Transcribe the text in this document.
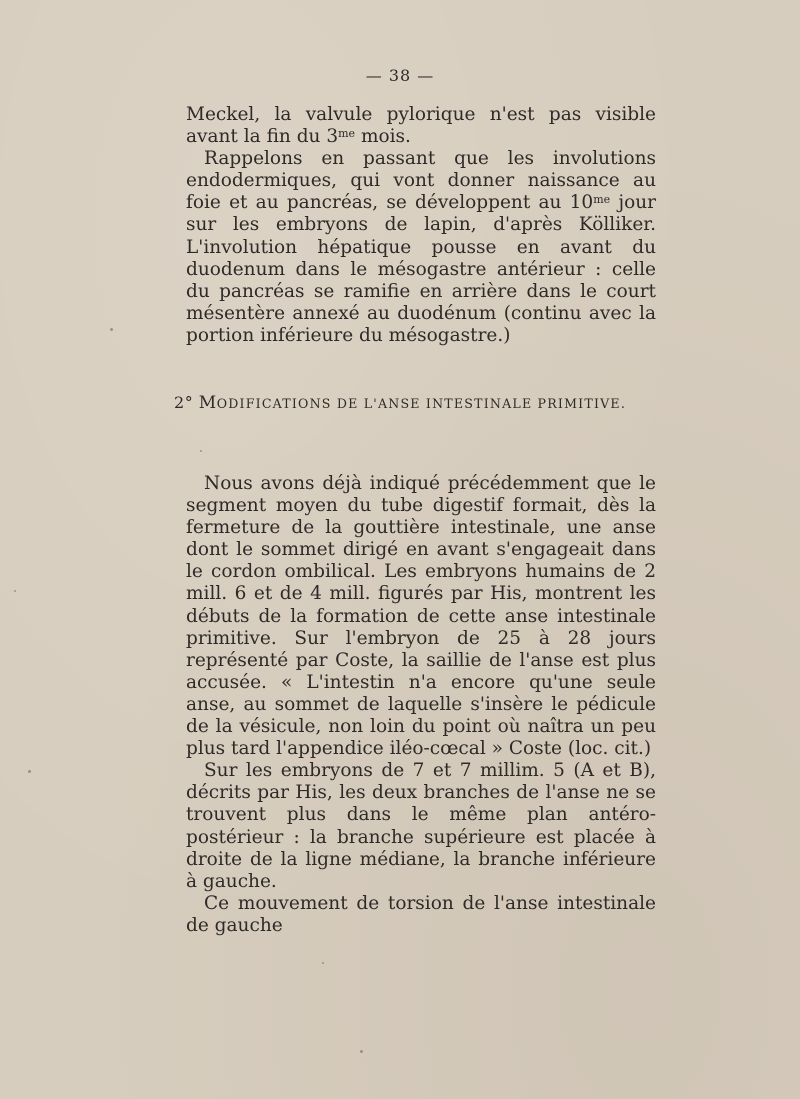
— 38 —

Meckel, la valvule pylorique n'est pas visible avant la fin du $3^{me}$ mois.

Rappelons en passant que les involutions endodermiques, qui vont donner naissance au foie et au pancréas, se développent au $10^{me}$ jour sur les embryons de lapin, d'après Kölliker. L'involution hépatique pousse en avant du duodenum dans le mésogastre antérieur : celle du pancréas se ramifie en arrière dans le court mésentère annexé au duodénum (continu avec la portion inférieure du mésogastre.)

2° MODIFICATIONS DE L'ANSE INTESTINALE PRIMITIVE.

Nous avons déjà indiqué précédemment que le segment moyen du tube digestif formait, dès la fermeture de la gouttière intestinale, une anse dont le sommet dirigé en avant s'engageait dans le cordon ombilical. Les embryons humains de 2 mill. 6 et de 4 mill. figurés par His, montrent les débuts de la formation de cette anse intestinale primitive. Sur l'embryon de 25 à 28 jours représenté par Coste, la saillie de l'anse est plus accusée. « L'intestin n'a encore qu'une seule anse, au sommet de laquelle s'insère le pédicule de la vésicule, non loin du point où naîtra un peu plus tard l'appendice iléo-cœcal » Coste (loc. cit.)

Sur les embryons de 7 et 7 millim. 5 (A et B), décrits par His, les deux branches de l'anse ne se trouvent plus dans le même plan antéro-postérieur : la branche supérieure est placée à droite de la ligne médiane, la branche inférieure à gauche.

Ce mouvement de torsion de l'anse intestinale de gauche
